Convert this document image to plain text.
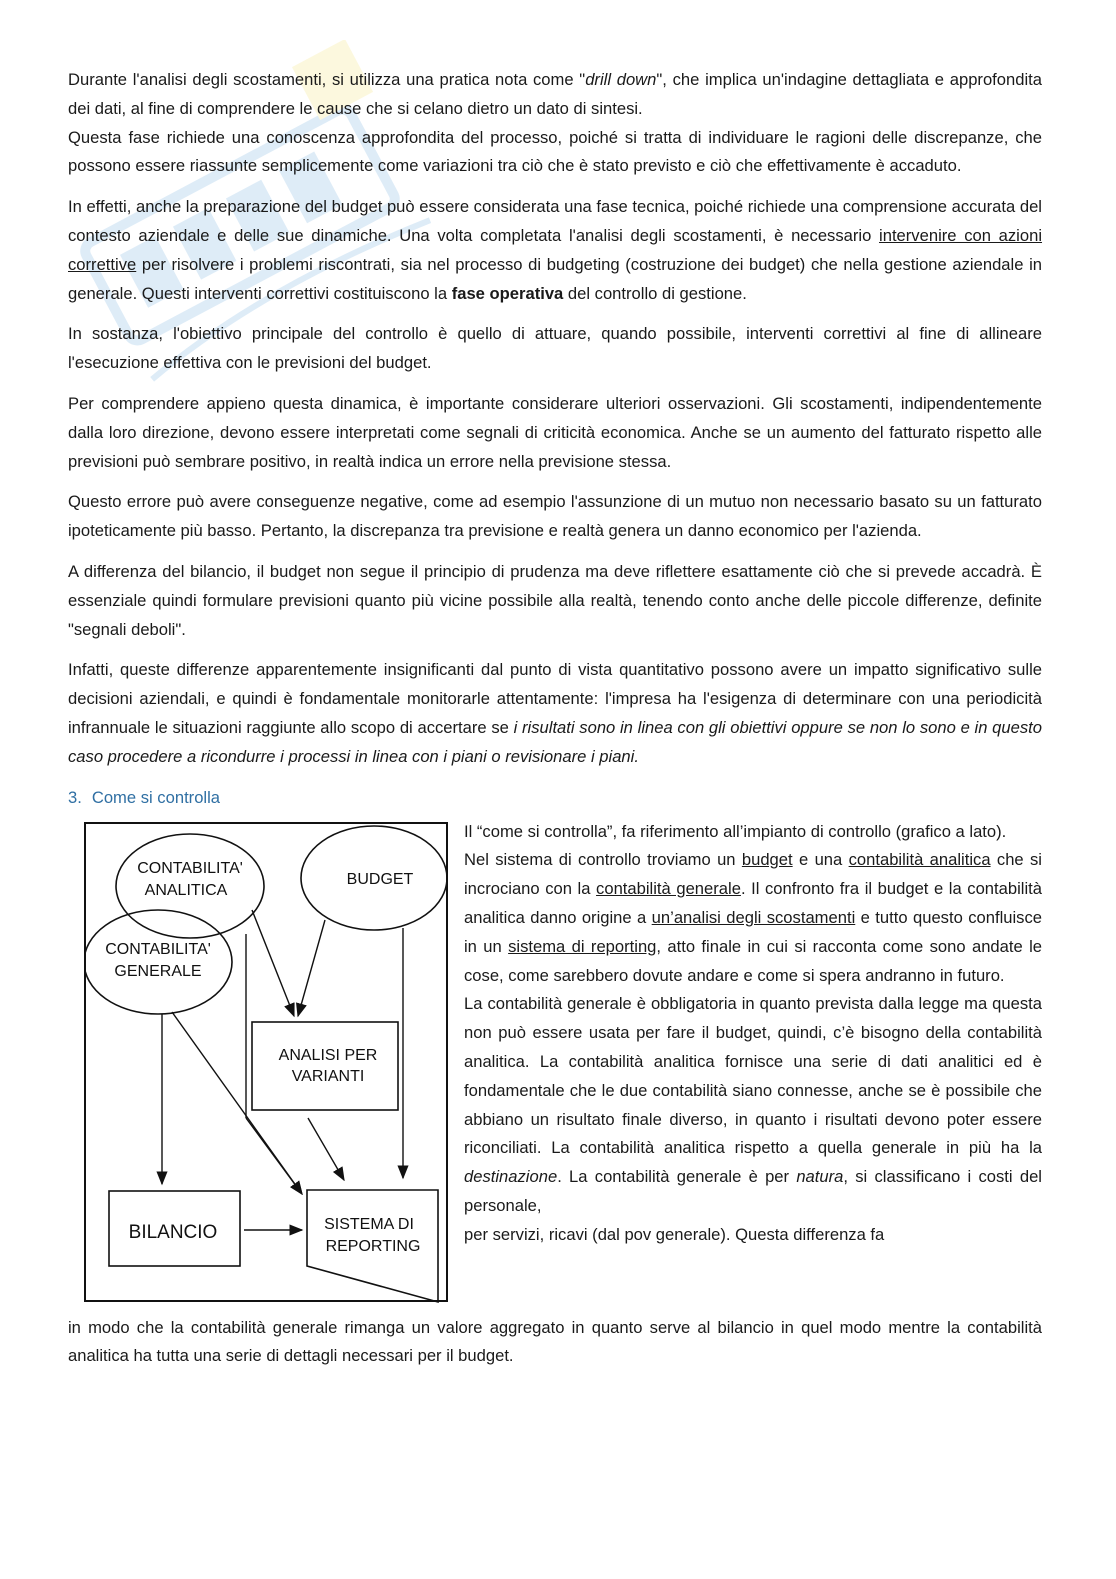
Durante l'analisi degli scostamenti, si utilizza una pratica nota come "drill down", che implica un'indagine dettagliata e approfondita dei dati, al fine di comprendere le cause che si celano dietro un dato di sintesi.

Questa fase richiede una conoscenza approfondita del processo, poiché si tratta di individuare le ragioni delle discrepanze, che possono essere riassunte semplicemente come variazioni tra ciò che è stato previsto e ciò che effettivamente è accaduto.

In effetti, anche la preparazione del budget può essere considerata una fase tecnica, poiché richiede una comprensione accurata del contesto aziendale e delle sue dinamiche. Una volta completata l'analisi degli scostamenti, è necessario intervenire con azioni correttive per risolvere i problemi riscontrati, sia nel processo di budgeting (costruzione dei budget) che nella gestione aziendale in generale. Questi interventi correttivi costituiscono la fase operativa del controllo di gestione.

In sostanza, l'obiettivo principale del controllo è quello di attuare, quando possibile, interventi correttivi al fine di allineare l'esecuzione effettiva con le previsioni del budget.

Per comprendere appieno questa dinamica, è importante considerare ulteriori osservazioni. Gli scostamenti, indipendentemente dalla loro direzione, devono essere interpretati come segnali di criticità economica. Anche se un aumento del fatturato rispetto alle previsioni può sembrare positivo, in realtà indica un errore nella previsione stessa.

Questo errore può avere conseguenze negative, come ad esempio l'assunzione di un mutuo non necessario basato su un fatturato ipoteticamente più basso. Pertanto, la discrepanza tra previsione e realtà genera un danno economico per l'azienda.

A differenza del bilancio, il budget non segue il principio di prudenza ma deve riflettere esattamente ciò che si prevede accadrà. È essenziale quindi formulare previsioni quanto più vicine possibile alla realtà, tenendo conto anche delle piccole differenze, definite "segnali deboli".

Infatti, queste differenze apparentemente insignificanti dal punto di vista quantitativo possono avere un impatto significativo sulle decisioni aziendali, e quindi è fondamentale monitorarle attentamente: l'impresa ha l'esigenza di determinare con una periodicità infrannuale le situazioni raggiunte allo scopo di accertare se i risultati sono in linea con gli obiettivi oppure se non lo sono e in questo caso procedere a ricondurre i processi in linea con i piani o revisionare i piani.

3. Come si controlla
CONTABILITA'
ANALITICA
BUDGET
CONTABILITA'
GENERALE
ANALISI PER
VARIANTI
BILANCIO	SISTEMA DI
REPORTING

Il “come si controlla”, fa riferimento all’impianto di controllo (grafico a lato).

Nel sistema di controllo troviamo un budget e una contabilità analitica che si incrociano con la contabilità generale. Il confronto fra il budget e la contabilità analitica danno origine a un’analisi degli scostamenti e tutto questo confluisce in un sistema di reporting, atto finale in cui si racconta come sono andate le cose, come sarebbero dovute andare e come si spera andranno in futuro.

La contabilità generale è obbligatoria in quanto prevista dalla legge ma questa non può essere usata per fare il budget, quindi, c’è bisogno della contabilità analitica. La contabilità analitica fornisce una serie di dati analitici ed è fondamentale che le due contabilità siano connesse, anche se è possibile che abbiano un risultato finale diverso, in quanto i risultati devono poter essere riconciliati. La contabilità analitica rispetto a quella generale in più ha la destinazione. La contabilità generale è per natura, si classificano i costi del personale,

per servizi, ricavi (dal pov generale). Questa differenza fa

in modo che la contabilità generale rimanga un valore aggregato in quanto serve al bilancio in quel modo mentre la contabilità analitica ha tutta una serie di dettagli necessari per il budget.
